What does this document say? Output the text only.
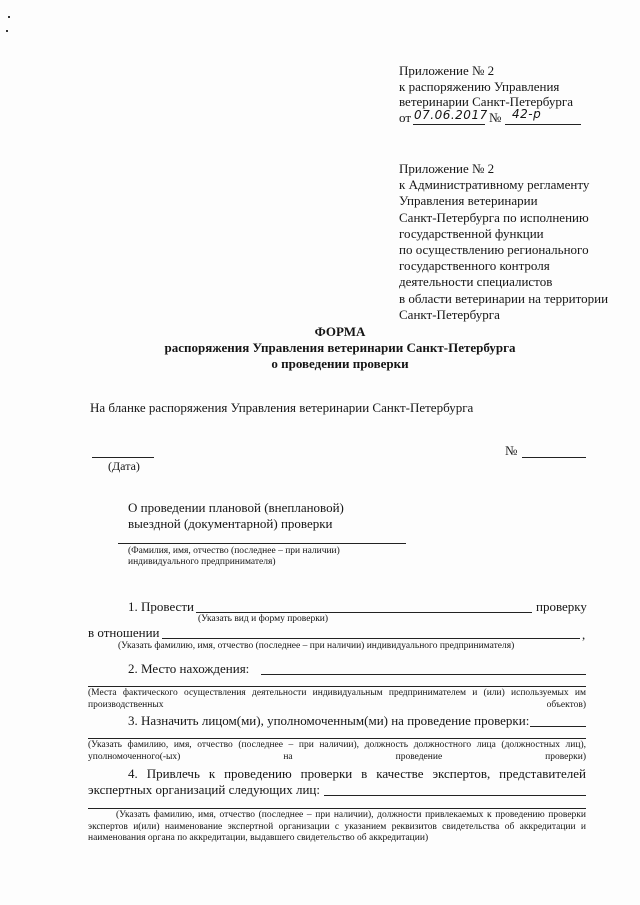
Приложение № 2
к распоряжению Управления
ветеринарии Санкт-Петербурга
от 07.06.2017 № 42-р
Приложение № 2
к Административному регламенту
Управления ветеринарии
Санкт-Петербурга по исполнению
государственной функции
по осуществлению регионального
государственного контроля
деятельности специалистов
в области ветеринарии на территории
Санкт-Петербурга
ФОРМА
распоряжения Управления ветеринарии Санкт-Петербурга
о проведении проверки
На бланке распоряжения Управления ветеринарии Санкт-Петербурга
(Дата)
№
О проведении плановой (внеплановой)
выездной (документарной) проверки
(Фамилия, имя, отчество (последнее – при наличии)
индивидуального предпринимателя)
1. Провести	проверку
(Указать вид и форму проверки)
в отношении	,
(Указать фамилию, имя, отчество (последнее – при наличии) индивидуального предпринимателя)
2. Место нахождения:
(Места фактического осуществления деятельности индивидуальным предпринимателем и (или) используемых им производственных объектов)
3. Назначить лицом(ми), уполномоченным(ми) на проведение проверки:
(Указать фамилию, имя, отчество (последнее – при наличии), должность должностного лица (должностных лиц), уполномоченного(-ых) на проведение проверки)
4. Привлечь к проведению проверки в качестве экспертов, представителей экспертных организаций следующих лиц:
(Указать фамилию, имя, отчество (последнее – при наличии), должности привлекаемых к проведению проверки экспертов и(или) наименование экспертной организации с указанием реквизитов свидетельства об аккредитации и наименования органа по аккредитации, выдавшего свидетельство об аккредитации)
